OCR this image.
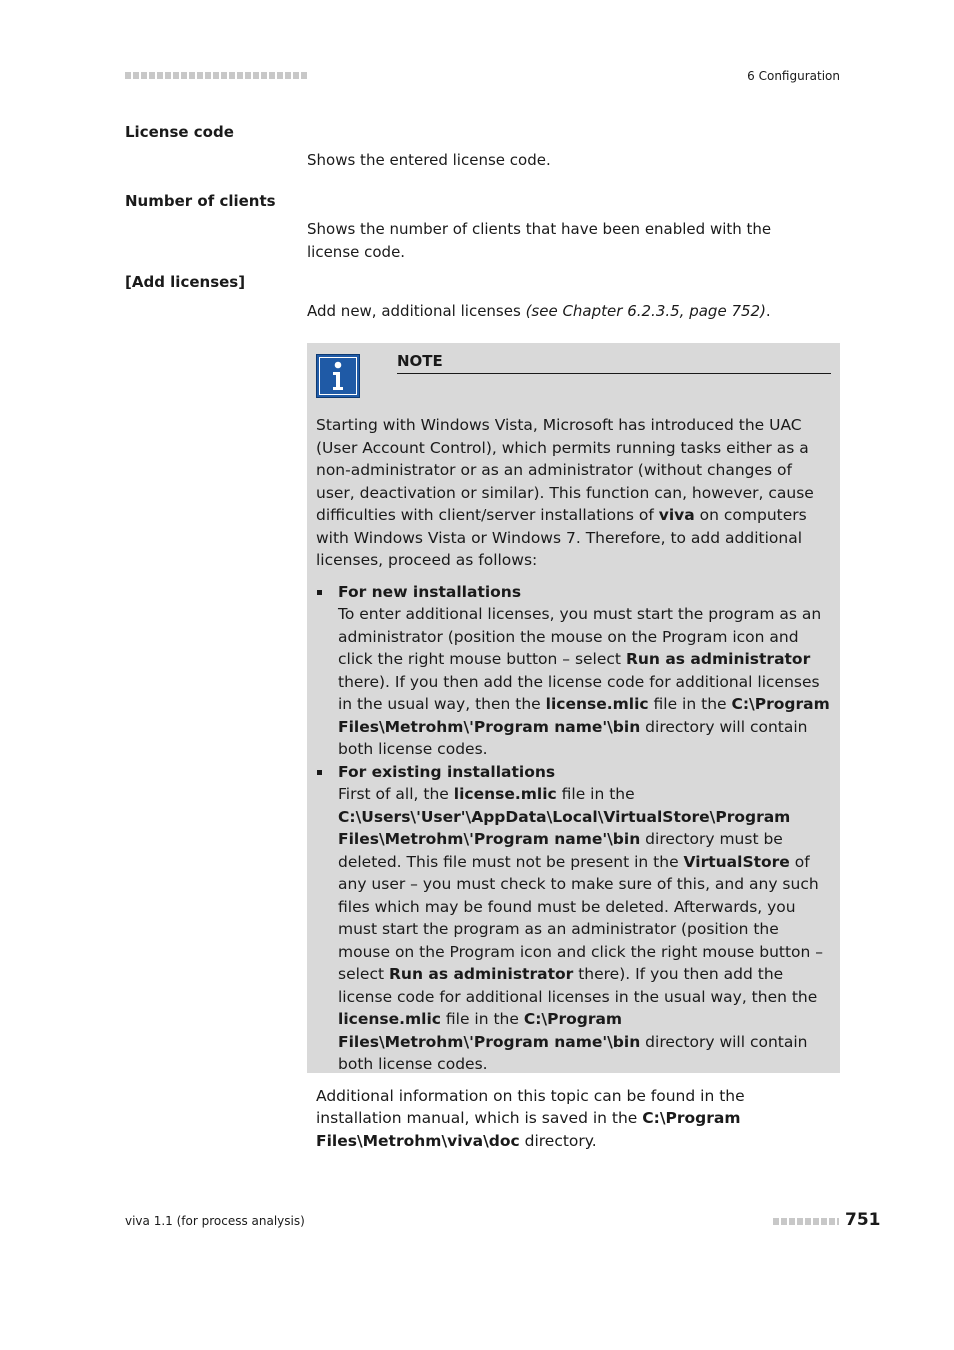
6 Configuration
License code
Shows the entered license code.
Number of clients
Shows the number of clients that have been enabled with the license code.
[Add licenses]
Add new, additional licenses (see Chapter 6.2.3.5, page 752).
NOTE

Starting with Windows Vista, Microsoft has introduced the UAC (User Account Control), which permits running tasks either as a non-administrator or as an administrator (without changes of user, deactivation or similar). This function can, however, cause difficulties with client/server installations of viva on computers with Windows Vista or Windows 7. Therefore, to add additional licenses, proceed as follows:

For new installations
To enter additional licenses, you must start the program as an administrator (position the mouse on the Program icon and click the right mouse button – select Run as administrator there). If you then add the license code for additional licenses in the usual way, then the license.mlic file in the C:\Program Files\Metrohm\'Program name'\bin directory will contain both license codes.
For existing installations
First of all, the license.mlic file in the C:\Users\'User'\AppData\Local\VirtualStore\Program Files\Metrohm\'Program name'\bin directory must be deleted. This file must not be present in the VirtualStore of any user – you must check to make sure of this, and any such files which may be found must be deleted. Afterwards, you must start the program as an administrator (position the mouse on the Program icon and click the right mouse button – select Run as administrator there). If you then add the license code for additional licenses in the usual way, then the license.mlic file in the C:\Program Files\Metrohm\'Program name'\bin directory will contain both license codes.

Additional information on this topic can be found in the installation manual, which is saved in the C:\Program Files\Metrohm\viva\doc directory.

viva 1.1 (for process analysis)	751
